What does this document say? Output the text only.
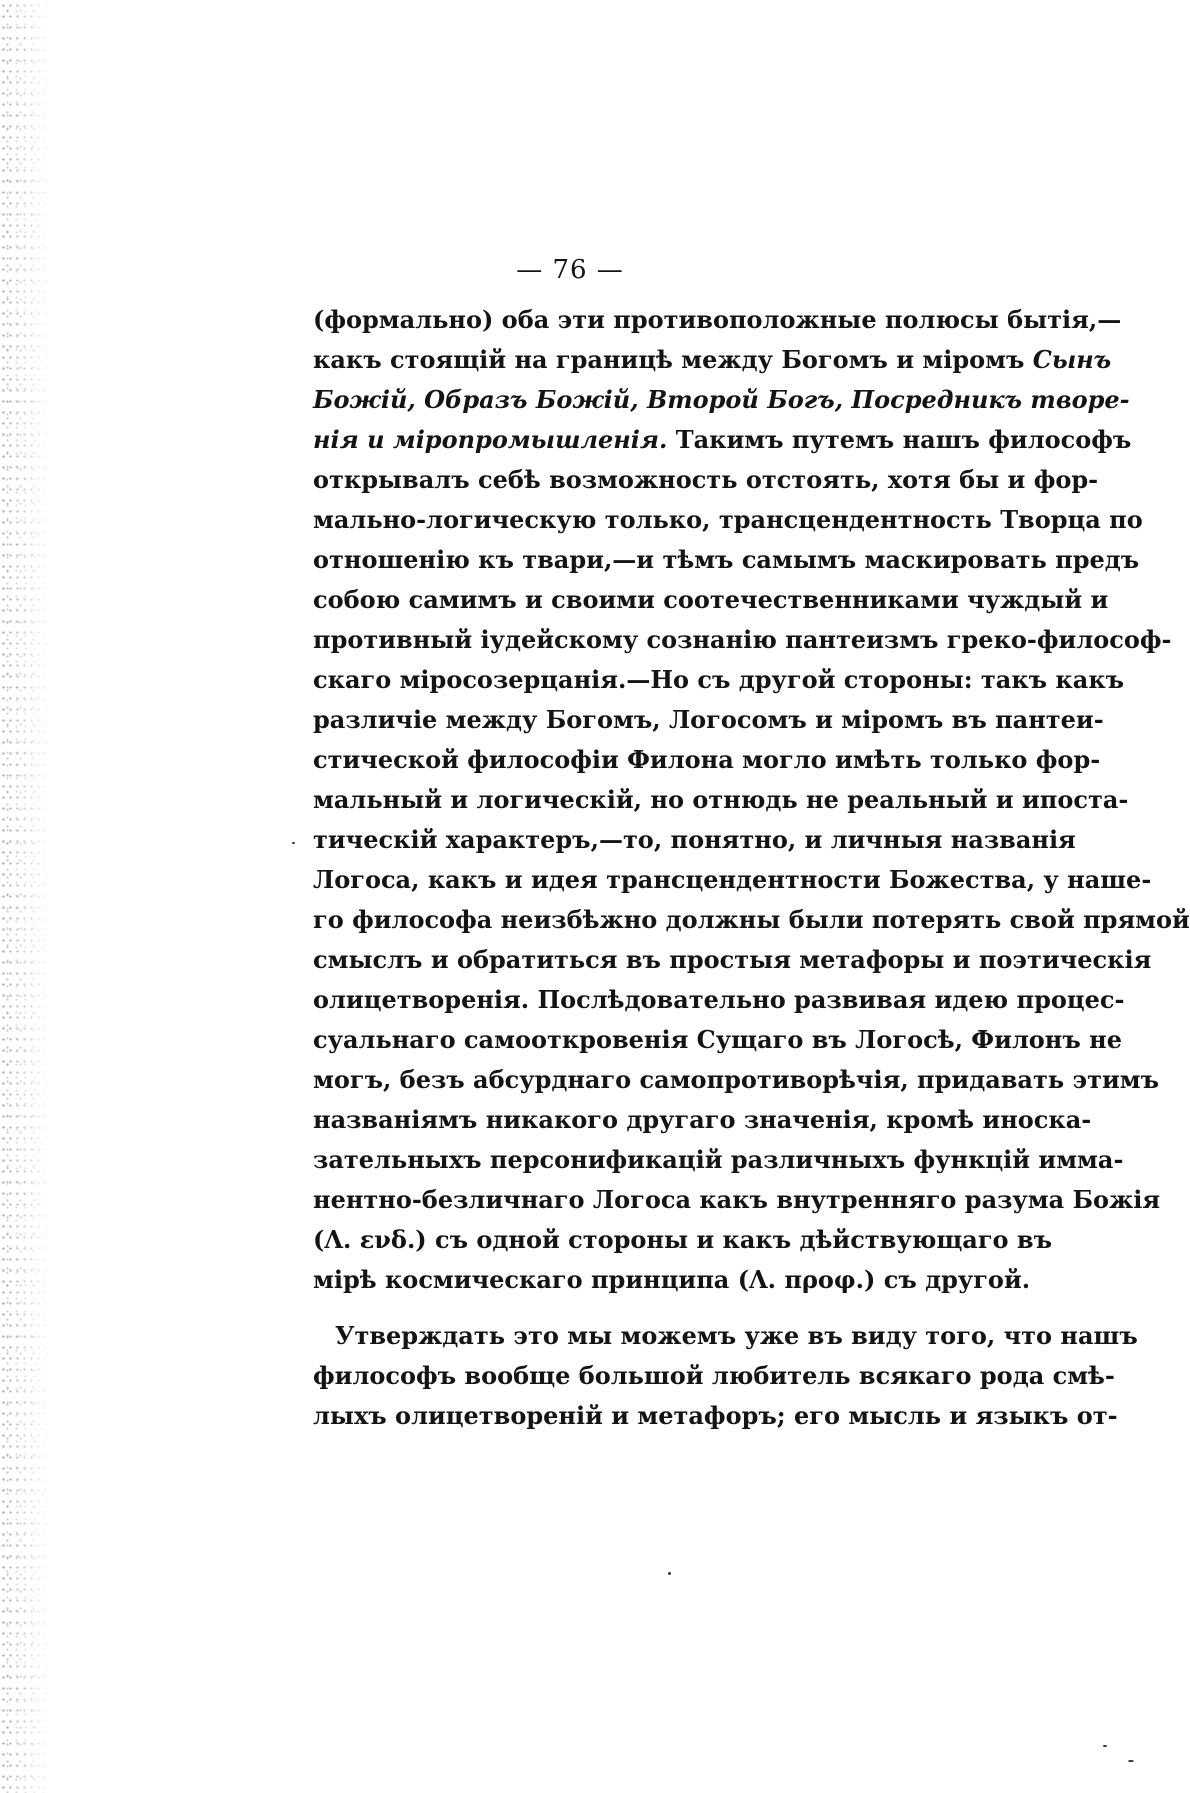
— 76 —
(формально) оба эти противоположные полюсы бытія,—
какъ стоящій на границѣ между Богомъ и міромъ Сынъ
Божій, Образъ Божій, Второй Богъ, Посредникъ творе-
нія и міропромышленія. Такимъ путемъ нашъ философъ
открывалъ себѣ возможность отстоять, хотя бы и фор-
мально-логическую только, трансцендентность Творца по
отношенію къ твари,—и тѣмъ самымъ маскировать предъ
собою самимъ и своими соотечественниками чуждый и
противный іудейскому сознанію пантеизмъ греко-философ-
скаго міросозерцанія.—Но съ другой стороны: такъ какъ
различіе между Богомъ, Логосомъ и міромъ въ пантеи-
стической философіи Филона могло имѣть только фор-
мальный и логическій, но отнюдь не реальный и ипоста-
тическій характеръ,—то, понятно, и личныя названія
Логоса, какъ и идея трансцендентности Божества, у наше-
го философа неизбѣжно должны были потерять свой прямой
смыслъ и обратиться въ простыя метафоры и поэтическія
олицетворенія. Послѣдовательно развивая идею процес-
суальнаго самооткровенія Сущаго въ Логосѣ, Филонъ не
могъ, безъ абсурднаго самопротиворѣчія, придавать этимъ
названіямъ никакого другаго значенія, кромѣ иноска-
зательныхъ персонификацій различныхъ функцій имма-
нентно-безличнаго Логоса какъ внутренняго разума Божія
(Λ. ενδ.) съ одной стороны и какъ дѣйствующаго въ
мірѣ космическаго принципа (Λ. προφ.) съ другой.
Утверждать это мы можемъ уже въ виду того, что нашъ
философъ вообще большой любитель всякаго рода смѣ-
лыхъ олицетвореній и метафоръ; его мысль и языкъ от-
